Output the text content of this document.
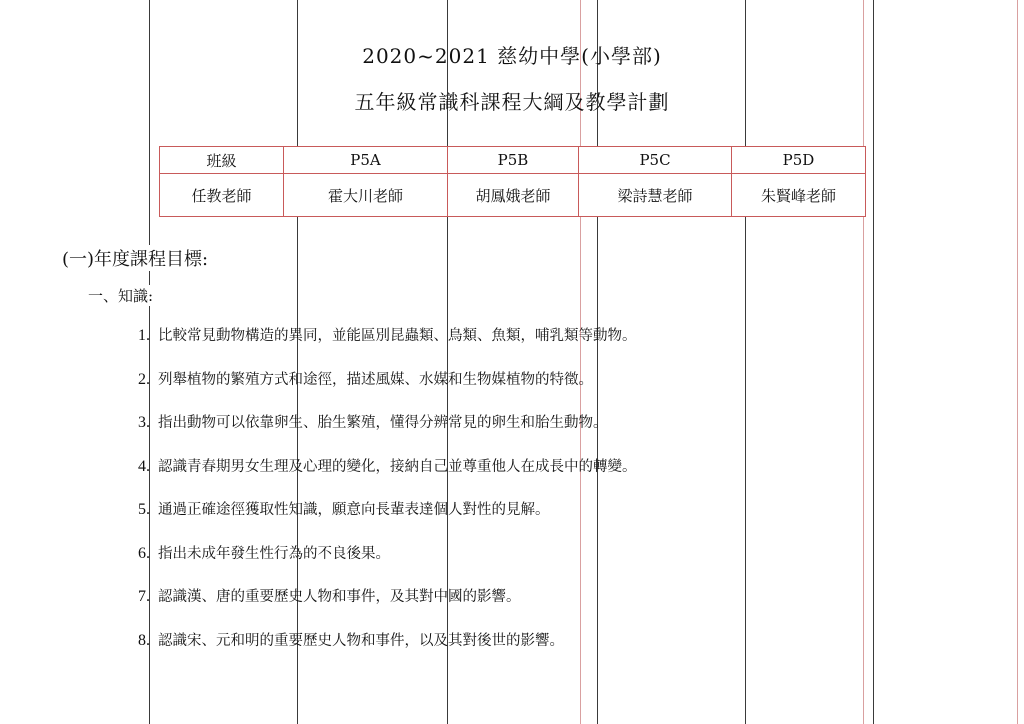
2020~2021 慈幼中學(小學部)
五年級常識科課程大綱及教學計劃
班級	P5A	P5B	P5C	P5D
任教老師	霍大川老師	胡鳳娥老師	梁詩慧老師	朱賢峰老師
(一)年度課程目標:
一、知識:
1. 比較常見動物構造的異同，並能區別昆蟲類、鳥類、魚類，哺乳類等動物。
2. 列舉植物的繁殖方式和途徑，描述風媒、水媒和生物媒植物的特徵。
3. 指出動物可以依靠卵生、胎生繁殖，懂得分辨常見的卵生和胎生動物。
4. 認識青春期男女生理及心理的變化，接納自己並尊重他人在成長中的轉變。
5. 通過正確途徑獲取性知識，願意向長輩表達個人對性的見解。
6. 指出未成年發生性行為的不良後果。
7. 認識漢、唐的重要歷史人物和事件，及其對中國的影響。
8. 認識宋、元和明的重要歷史人物和事件，以及其對後世的影響。
